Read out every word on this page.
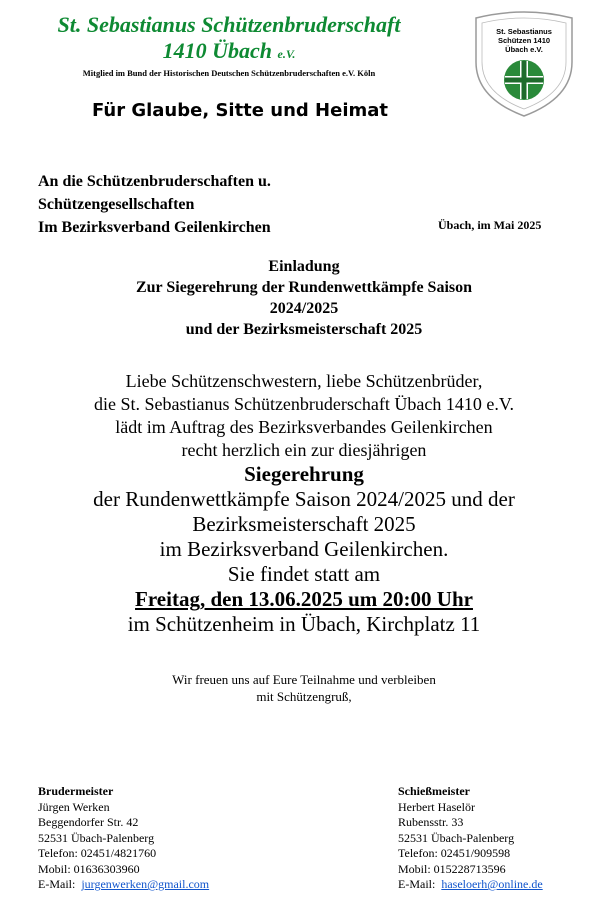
St. Sebastianus Schützenbruderschaft
1410 Übach e.V.
Mitglied im Bund der Historischen Deutschen Schützenbruderschaften e.V. Köln
Für Glaube, Sitte und Heimat
St. Sebastianus
Schützen 1410
Übach e.V.
An die Schützenbruderschaften u.
Schützengesellschaften
Im Bezirksverband Geilenkirchen	Übach, im Mai 2025
Einladung
Zur Siegerehrung der Rundenwettkämpfe Saison
2024/2025
und der Bezirksmeisterschaft 2025
Liebe Schützenschwestern, liebe Schützenbrüder,
die St. Sebastianus Schützenbruderschaft Übach 1410 e.V.
lädt im Auftrag des Bezirksverbandes Geilenkirchen
recht herzlich ein zur diesjährigen
Siegerehrung
der Rundenwettkämpfe Saison 2024/2025 und der
Bezirksmeisterschaft 2025
im Bezirksverband Geilenkirchen.
Sie findet statt am
Freitag, den 13.06.2025 um 20:00 Uhr
im Schützenheim in Übach, Kirchplatz 11
Wir freuen uns auf Eure Teilnahme und verbleiben
mit Schützengruß,
Brudermeister
Jürgen Werken
Beggendorfer Str. 42
52531 Übach-Palenberg
Telefon: 02451/4821760
Mobil: 01636303960
E-Mail: jurgenwerken@gmail.com
Schießmeister
Herbert Haselör
Rubensstr. 33
52531 Übach-Palenberg
Telefon: 02451/909598
Mobil: 015228713596
E-Mail: haseloerh@online.de
